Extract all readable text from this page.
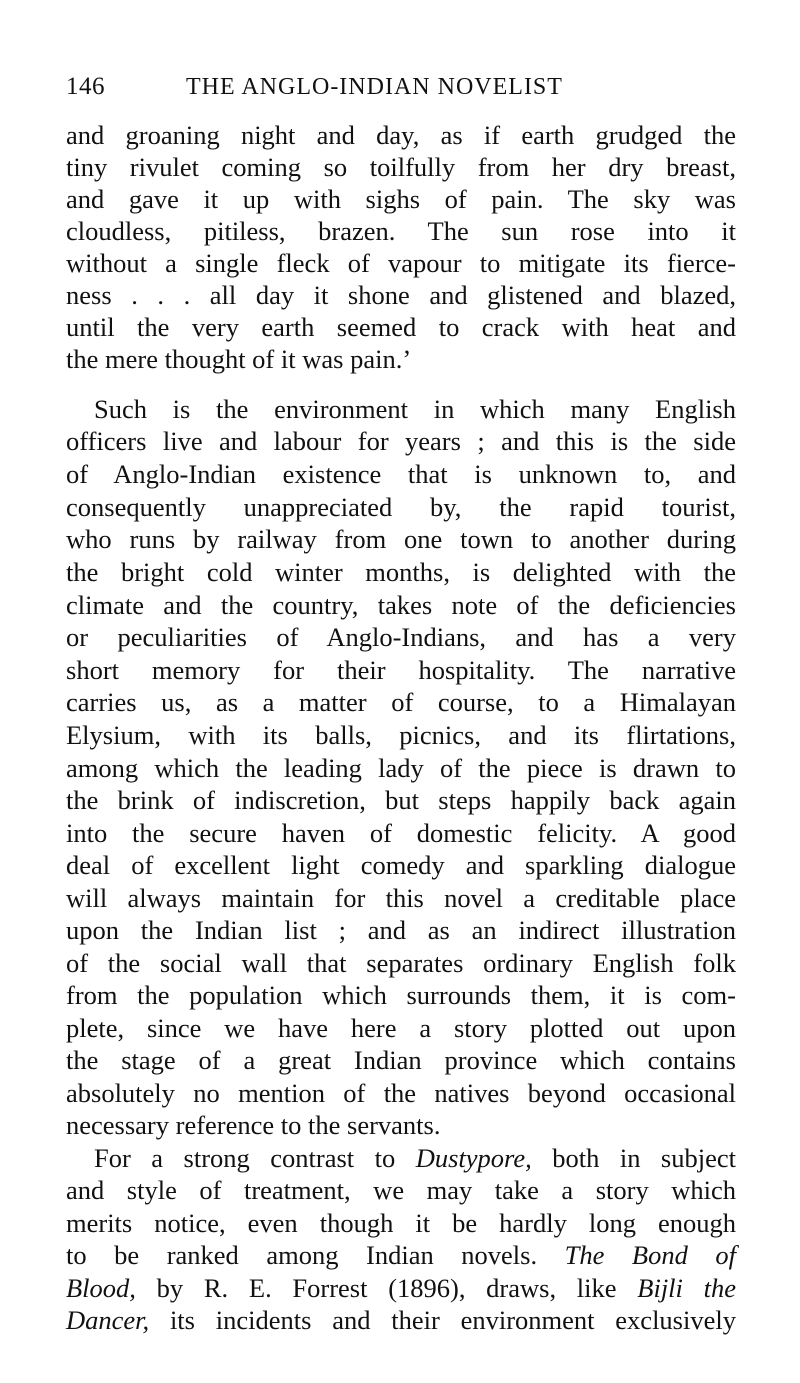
146	THE ANGLO-INDIAN NOVELIST
and groaning night and day, as if earth grudged the
tiny rivulet coming so toilfully from her dry breast,
and gave it up with sighs of pain. The sky was
cloudless, pitiless, brazen. The sun rose into it
without a single fleck of vapour to mitigate its fierce-
ness . . . all day it shone and glistened and blazed,
until the very earth seemed to crack with heat and
the mere thought of it was pain.’
Such is the environment in which many English
officers live and labour for years ; and this is the side
of Anglo-Indian existence that is unknown to, and
consequently unappreciated by, the rapid tourist,
who runs by railway from one town to another during
the bright cold winter months, is delighted with the
climate and the country, takes note of the deficiencies
or peculiarities of Anglo-Indians, and has a very
short memory for their hospitality. The narrative
carries us, as a matter of course, to a Himalayan
Elysium, with its balls, picnics, and its flirtations,
among which the leading lady of the piece is drawn to
the brink of indiscretion, but steps happily back again
into the secure haven of domestic felicity. A good
deal of excellent light comedy and sparkling dialogue
will always maintain for this novel a creditable place
upon the Indian list ; and as an indirect illustration
of the social wall that separates ordinary English folk
from the population which surrounds them, it is com-
plete, since we have here a story plotted out upon
the stage of a great Indian province which contains
absolutely no mention of the natives beyond occasional
necessary reference to the servants.
For a strong contrast to Dustypore, both in subject
and style of treatment, we may take a story which
merits notice, even though it be hardly long enough
to be ranked among Indian novels. The Bond of
Blood, by R. E. Forrest (1896), draws, like Bijli the
Dancer, its incidents and their environment exclusively
